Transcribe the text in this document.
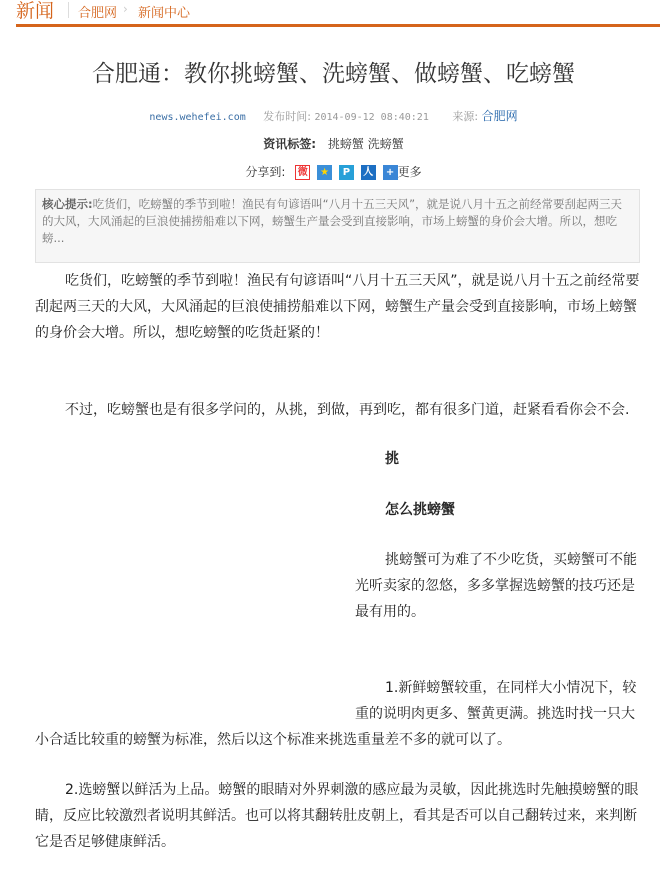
新闻 合肥网 › 新闻中心
合肥通：教你挑螃蟹、洗螃蟹、做螃蟹、吃螃蟹
news.wehefei.com 发布时间: 2014-09-12 08:40:21 来源: 合肥网
资讯标签: 挑螃蟹 洗螃蟹
分享到: 微 ★ P 人 + 更多
核心提示:吃货们，吃螃蟹的季节到啦！渔民有句谚语叫“八月十五三天风”，就是说八月十五之前经常要刮起两三天的大风，大风涌起的巨浪使捕捞船难以下网，螃蟹生产量会受到直接影响，市场上螃蟹的身价会大增。所以，想吃螃...

吃货们，吃螃蟹的季节到啦！渔民有句谚语叫“八月十五三天风”，就是说八月十五之前经常要刮起两三天的大风，大风涌起的巨浪使捕捞船难以下网，螃蟹生产量会受到直接影响，市场上螃蟹的身价会大增。所以，想吃螃蟹的吃货赶紧的！

不过，吃螃蟹也是有很多学问的，从挑，到做，再到吃，都有很多门道，赶紧看看你会不会.

挑

怎么挑螃蟹

挑螃蟹可为难了不少吃货，买螃蟹可不能光听卖家的忽悠，多多掌握选螃蟹的技巧还是最有用的。

1.新鲜螃蟹较重，在同样大小情况下，较重的说明肉更多、蟹黄更满。挑选时找一只大小合适比较重的螃蟹为标准，然后以这个标准来挑选重量差不多的就可以了。

2.选螃蟹以鲜活为上品。螃蟹的眼睛对外界刺激的感应最为灵敏，因此挑选时先触摸螃蟹的眼睛，反应比较激烈者说明其鲜活。也可以将其翻转肚皮朝上，看其是否可以自己翻转过来，来判断它是否足够健康鲜活。
